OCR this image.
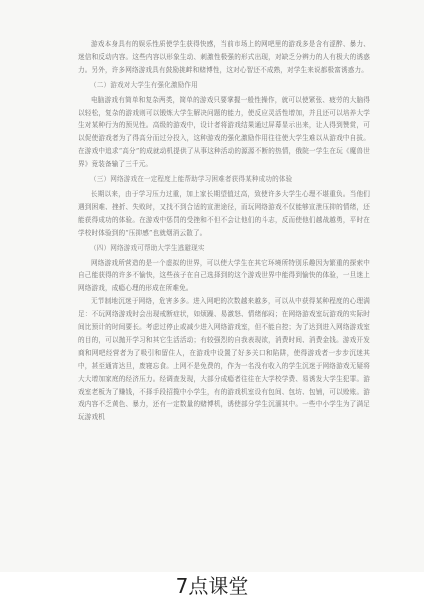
游戏本身具有的娱乐性质使学生获得快感，当前市场上的网吧里的游戏多是含有涩醉、暴力、迷信和反动内容。这些内容以形象生动、刺激性极强的形式出现，对缺乏分辨力的人有极大的诱惑力。另外，许多网络游戏具有鼓励挑衅和赌博性，这对心智还不成熟，对学生来说都极富诱惑力。

（二）游戏对大学生有强化激励作用

电脑游戏有简单和复杂两类，简单的游戏只要掌握一般性操作，就可以使紧张、疲劳的大脑得以轻松，复杂的游戏则可以锻炼大学生解决问题的能力，使反应灵活性增加，并且还可以培养大学生对某种行为的预见性。高级的游戏中，设计者将游戏结果通过屏幕显示出来，让人得到赞赏，可以促使游戏者为了得高分而过分投入，这种游戏的强化激励作用往往使大学生难以从游戏中自拔。在游戏中追求“高分”的成就动机提供了从事这种活动的源源不断的热情，俄院一学生在玩《魔兽世界》竟装备输了三千元。

（三）网络游戏在一定程度上能帮助学习困难者获得某种成功的体验

长期以来，由于学习压力过重，加上家长期望值过高，致使许多大学生心理不堪重负。当他们遇到困难、挫折、失败时，又找不到合适的宣泄途径，而玩网络游戏不仅能够宣泄压抑的情绪，还能获得成功的体验。在游戏中惩罚的受挫和不但不会让他们的斗志，反而使他们越战越勇，平时在学校时体验到的“压抑感”也就烟消云散了。

（四）网络游戏可帮助大学生逃避现实

网络游戏所营造的是一个虚拟的世界，可以使大学生在其它环境所特别乐趣因为繁重的探索中自己能获得的许多不愉快，这些孩子在自己选择到的这个游戏世界中能得到愉快的体验，一旦迷上网络游戏，成瘾心理的形成在所难免。

无节制地沉迷于网络，危害多多。进入网吧的次数越来越多，可以从中获得某种程度的心理满足：不玩网络游戏时会出现戒断症状，如烦躁、易激怒、情绪郁闷；在网络游戏室玩游戏的实际时间比预计的时间要长。考虑过停止或减少进入网络游戏室，但不能自控；为了达到进入网络游戏室的目的，可以抛开学习和其它生活活动；有较强烈的自我表现欲，消费时间、消费金钱。游戏开发商和网吧经营者为了吸引和留住人，在游戏中设置了好多关口和陷阱，使得游戏者一步步沉迷其中，甚至通宵达旦，废寝忘食。上网不是免费的，作为一名没有收入的学生沉迷于网络游戏无疑将大大增加家庭的经济压力。经调查发现，大部分成瘾者往往在大学校学费、易诱发大学生犯罪。游戏室老板为了赚钱，不择手段招揽中小学生，有的游戏机室设有包间、包坊、包铺，可以赊账。游戏内容不乏黄色、暴力，还有一定数量的赌博机，诱使部分学生沉湎其中。一些中小学生为了满足玩游戏机

7点课堂
